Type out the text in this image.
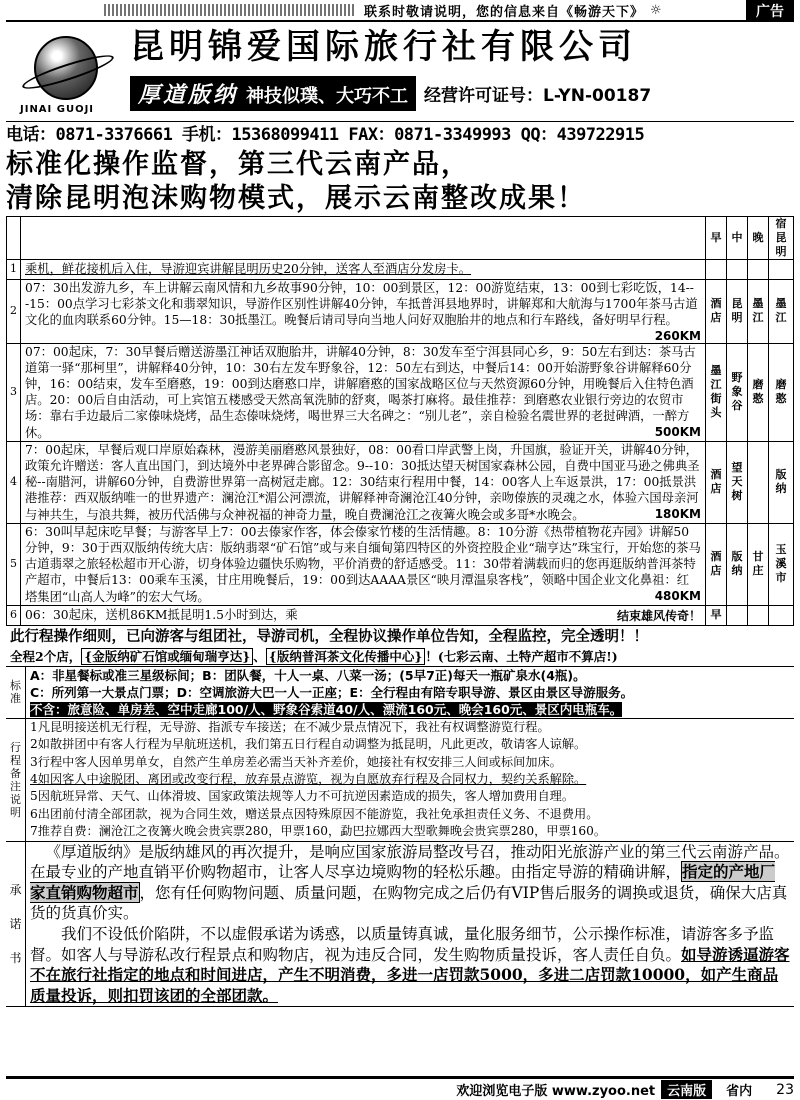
联系时敬请说明，您的信息来自《畅游天下》 ☼	广告
JINAI GUOJI
昆明锦爱国际旅行社有限公司
厚道版纳 神技似璞、大巧不工 经营许可证号：L-YN-00187
电话：0871-3376661 手机：15368099411 FAX：0871-3349993 QQ：439722915
标准化操作监督，第三代云南产品，
清除昆明泡沫购物模式，展示云南整改成果！
		早	中	晚	宿昆明
1	乘机，鲜花接机后入住，导游迎宾讲解昆明历史20分钟，送客人至酒店分发房卡。				
2	07：30出发游九乡，车上讲解云南风情和九乡故事90分钟，10：00到景区，12：00游览结束，13：00到七彩吃饭，14---15：00点学习七彩茶文化和翡翠知识，导游作区别性讲解40分钟，车抵普洱县地界时，讲解郑和大航海与1700年茶马古道文化的血肉联系60分钟。15—18：30抵墨江。晚餐后请司导向当地人问好双胞胎井的地点和行车路线，备好明早行程。
260KM	酒店	昆明	墨江	墨江
3	07：00起床，7：30早餐后赠送游墨江神话双胞胎井，讲解40分钟，8：30发车至宁洱县同心乡，9：50左右到达：茶马古道第一驿“那柯里”，讲解释40分钟，10：30右左发车野象谷，12：50左右到达，中餐后14：00开始游野象谷讲解释60分钟，16：00结束，发车至磨憨，19：00到达磨憨口岸，讲解磨憨的国家战略区位与天然资源60分钟，用晚餐后入住特色酒店。20：00后自由活动，可上宾馆五楼感受天然高氧洗肺的舒爽，喝茶打麻将。最佳推荐：到磨憨农业银行旁边的农贸市场：靠右手边最后二家傣味烧烤，品生态傣味烧烤，喝世界三大名碑之：“别儿老”，亲自检验名震世界的老挝碑酒，一醉方休。 500KM	墨江街头	野象谷	磨憨	磨憨
4	7：00起床，早餐后观口岸原始森林，漫游美丽磨憨风景独好，08：00看口岸武警上岗，升国旗，验证开关，讲解40分钟，政策允许赠送：客人直出国门，到达境外中老界碑合影留念。9--10：30抵达望天树国家森林公园，自费中国亚马逊之佛典圣秘--南腊河，讲解60分钟，自费游世界第一高树冠走廊。12：30结束行程用中餐，14：00客人上车返景洪，17：00抵景洪港推荐：西双版纳唯一的世界遗产：澜沧江*湄公河漂流，讲解释神奇澜沧江40分钟，亲吻傣族的灵魂之水，体验六国母亲河与神共生，与浪共舞，被历代活佛与众神祝福的神奇力量，晚自费澜沧江之夜篝火晚会或多哥*水晚会。 180KM	酒店	望天树		版纳
5	6：30叫早起床吃早餐；与游客早上7：00去傣家作客，体会傣家竹楼的生活情趣。8：10分游《热带植物花卉园》讲解50分钟，9：30于西双版纳传统大店：版纳翡翠“矿石馆”或与来自缅甸第四特区的外资控股企业“瑞亨达”珠宝行，开始您的茶马古道翡翠之旅轻松超市开心游，切身体验边疆快乐购物，平价消费的舒适感受。11：30带着满载而归的您再逛版纳普洱茶特产超市，中餐后13：00乘车玉溪，甘庄用晚餐后，19：00到达AAAA景区“映月潭温泉客栈”，领略中国企业文化鼻祖：红塔集团“山高人为峰”的宏大气场。 480KM	酒店	版纳	甘庄	玉溪市
6	06：30起床，送机86KM抵昆明1.5小时到达，乘 结束雄风传奇！	早			
此行程操作细则，已向游客与组团社，导游司机，全程协议操作单位告知，全程监控，完全透明！！
全程2个店， {金版纳矿石馆或缅甸瑞亨达} 、 {版纳普洱茶文化传播中心} ！(七彩云南、土特产超市不算店!)
标
准
A：非星餐标或准三星级标间；B：团队餐，十人一桌、八菜一汤；(5早7正)每天一瓶矿泉水(4瓶)。
C：所列第一大景点门票；D：空调旅游大巴一人一正座；E：全行程由有陪专职导游、景区由景区导游服务。
不含：旅意险、单房差、空中走廊100/人、野象谷索道40/人、漂流160元、晚会160元、景区内电瓶车。
行
程
备
注
说
明
1凡昆明接送机无行程，无导游、指派专车接送；在不减少景点情况下，我社有权调整游览行程。
2如散拼团中有客人行程为早航班送机，我们第五日行程自动调整为抵昆明，凡此更改，敬请客人谅解。
3行程中客人因单男单女，自然产生单房差必需当天补齐差价，她接社有权安排三人间或标间加床。
4如因客人中途脱团、离团或改变行程，放弃景点游览，视为自愿放弃行程及合同权力，契约关系解除。
5因航班异常、天气、山体滑坡、国家政策法规等人力不可抗逆因素造成的损失，客人增加费用自理。
6出团前付清全部团款，视为合同生效，赠送景点因特殊原因不能游览，我社免承担责任义务、不退费用。
7推荐自费：澜沧江之夜篝火晚会贵宾票280，甲票160，勐巴拉娜西大型歌舞晚会贵宾票280，甲票160。
承
诺
书
《厚道版纳》是版纳雄风的再次提升，是响应国家旅游局整改号召，推动阳光旅游产业的第三代云南游产品。在最专业的产地直销平价购物超市，让客人尽享边境购物的轻松乐趣。由指定导游的精确讲解，指定的产地厂家直销购物超市，您有任何购物问题、质量问题，在购物完成之后仍有VIP售后服务的调换或退货，确保大店真货的货真价实。
我们不设低价陷阱，不以虚假承诺为诱惑，以质量铸真诚，量化服务细节，公示操作标准，请游客多予监督。如客人与导游私改行程景点和购物店，视为违反合同，发生购物质量投诉，客人责任自负。如导游诱逼游客不在旅行社指定的地点和时间进店，产生不明消费，多进一店罚款5000，多进二店罚款10000，如产生商品质量投诉，则扣罚该团的全部团款。
欢迎浏览电子版 www.zyoo.net 云南版	省内 23
